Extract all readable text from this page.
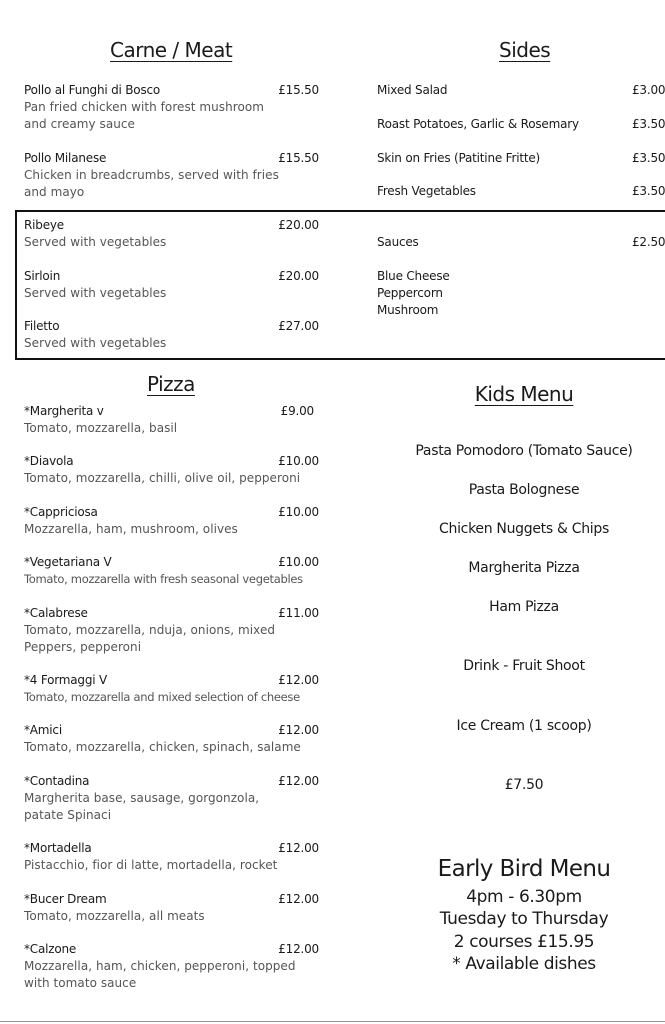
Carne / Meat	Sides
Pollo al Funghi di Bosco	£15.50
Pan fried chicken with forest mushroom and creamy sauce
Pollo Milanese	£15.50
Chicken in breadcrumbs, served with fries and mayo
Ribeye	£20.00
Served with vegetables
Sirloin	£20.00
Served with vegetables
Filetto	£27.00
Served with vegetables
Mixed Salad	£3.00
Roast Potatoes, Garlic & Rosemary	£3.50
Skin on Fries (Patitine Fritte)	£3.50
Fresh Vegetables	£3.50
Sauces	£2.50
Blue Cheese
Peppercorn
Mushroom
Pizza
*Margherita v	£9.00
Tomato, mozzarella, basil
*Diavola	£10.00
Tomato, mozzarella, chilli, olive oil, pepperoni
*Cappriciosa	£10.00
Mozzarella, ham, mushroom, olives
*Vegetariana V	£10.00
Tomato, mozzarella with fresh seasonal vegetables
*Calabrese	£11.00
Tomato, mozzarella, nduja, onions, mixed Peppers, pepperoni
*4 Formaggi V	£12.00
Tomato, mozzarella and mixed selection of cheese
*Amici	£12.00
Tomato, mozzarella, chicken, spinach, salame
*Contadina	£12.00
Margherita base, sausage, gorgonzola, patate Spinaci
*Mortadella	£12.00
Pistacchio, fior di latte, mortadella, rocket
*Bucer Dream	£12.00
Tomato, mozzarella, all meats
*Calzone	£12.00
Mozzarella, ham, chicken, pepperoni, topped with tomato sauce
Kids Menu
Pasta Pomodoro (Tomato Sauce)
Pasta Bolognese
Chicken Nuggets & Chips
Margherita Pizza
Ham Pizza
Drink - Fruit Shoot
Ice Cream (1 scoop)
£7.50
Early Bird Menu
4pm - 6.30pm
Tuesday to Thursday
2 courses £15.95
* Available dishes
